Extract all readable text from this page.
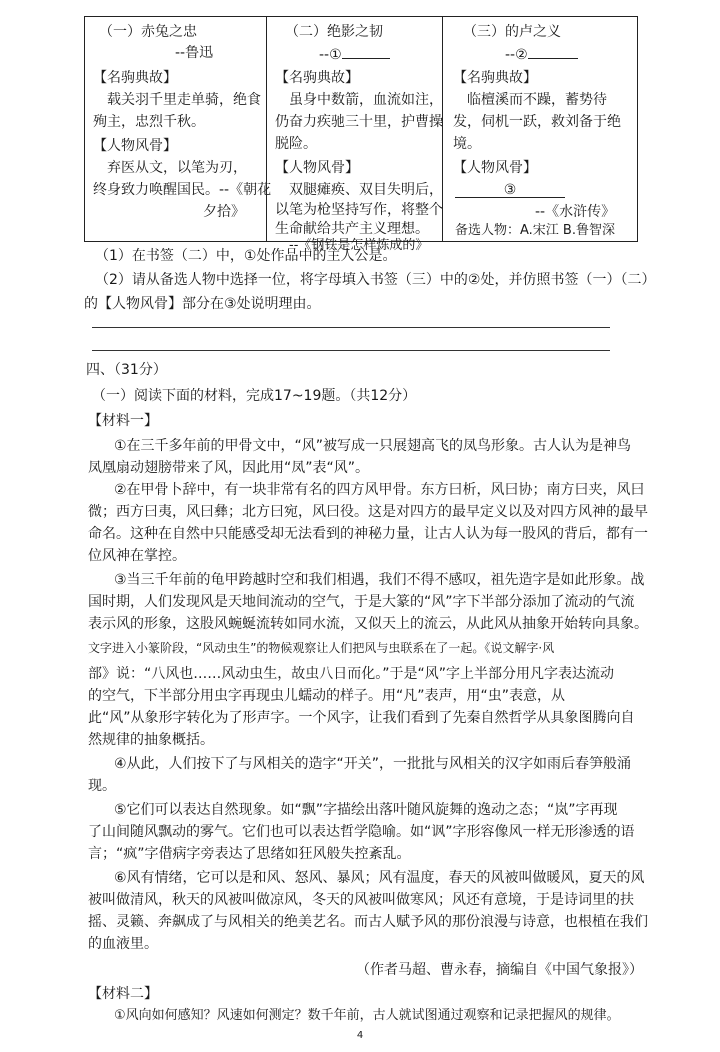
（一）赤兔之忠
--鲁迅
【名驹典故】
载关羽千里走单骑，绝食
殉主，忠烈千秋。
【人物风骨】
弃医从文，以笔为刃，
终身致力唤醒国民。--《朝花
夕拾》
（二）绝影之韧
--①
【名驹典故】
虽身中数箭，血流如注，
仍奋力疾驰三十里，护曹操
脱险。
【人物风骨】
双腿瘫痪、双目失明后，
以笔为枪坚持写作，将整个
生命献给共产主义理想。
--《钢铁是怎样炼成的》
（三）的卢之义
--②
【名驹典故】
临檀溪而不躁，蓄势待
发，伺机一跃，救刘备于绝
境。
【人物风骨】
③
--《水浒传》
备选人物：A.宋江 B.鲁智深
（1）在书签（二）中，①处作品中的主人公是。
（2）请从备选人物中选择一位，将字母填入书签（三）中的②处，并仿照书签（一）（二）
的【人物风骨】部分在③处说明理由。
四、（31分）
（一）阅读下面的材料，完成17~19题。（共12分）
【材料一】
①在三千多年前的甲骨文中，“风”被写成一只展翅高飞的凤鸟形象。古人认为是神鸟
凤凰扇动翅膀带来了风，因此用“凤”表“风”。
②在甲骨卜辞中，有一块非常有名的四方风甲骨。东方曰析，风曰协；南方曰夹，风曰
微；西方曰夷，风曰彝；北方曰宛，风曰役。这是对四方的最早定义以及对四方风神的最早
命名。这种在自然中只能感受却无法看到的神秘力量，让古人认为每一股风的背后，都有一
位风神在掌控。
③当三千年前的龟甲跨越时空和我们相遇，我们不得不感叹，祖先造字是如此形象。战
国时期，人们发现风是天地间流动的空气，于是大篆的“风”字下半部分添加了流动的气流
表示风的形象，这股风蜿蜒流转如同水流，又似天上的流云，从此风从抽象开始转向具象。
文字进入小篆阶段，“风动虫生”的物候观察让人们把风与虫联系在了一起。《说文解字·风
部》说：“八风也……风动虫生，故虫八日而化。”于是“风”字上半部分用凡字表达流动
的空气，下半部分用虫字再现虫儿蠕动的样子。用“凡”表声，用“虫”表意，从
此“风”从象形字转化为了形声字。一个风字，让我们看到了先秦自然哲学从具象图腾向自
然规律的抽象概括。
④从此，人们按下了与风相关的造字“开关”，一批批与风相关的汉字如雨后春笋般涌
现。
⑤它们可以表达自然现象。如“飘”字描绘出落叶随风旋舞的逸动之态；“岚”字再现
了山间随风飘动的雾气。它们也可以表达哲学隐喻。如“讽”字形容像风一样无形渗透的语
言；“疯”字借病字旁表达了思绪如狂风般失控紊乱。
⑥风有情绪，它可以是和风、怒风、暴风；风有温度，春天的风被叫做暖风，夏天的风
被叫做清风，秋天的风被叫做凉风，冬天的风被叫做寒风；风还有意境，于是诗词里的扶
摇、灵籁、奔飙成了与风相关的绝美艺名。而古人赋予风的那份浪漫与诗意，也根植在我们
的血液里。
（作者马超、曹永春，摘编自《中国气象报》）
【材料二】
①风向如何感知？风速如何测定？数千年前，古人就试图通过观察和记录把握风的规律。
4
